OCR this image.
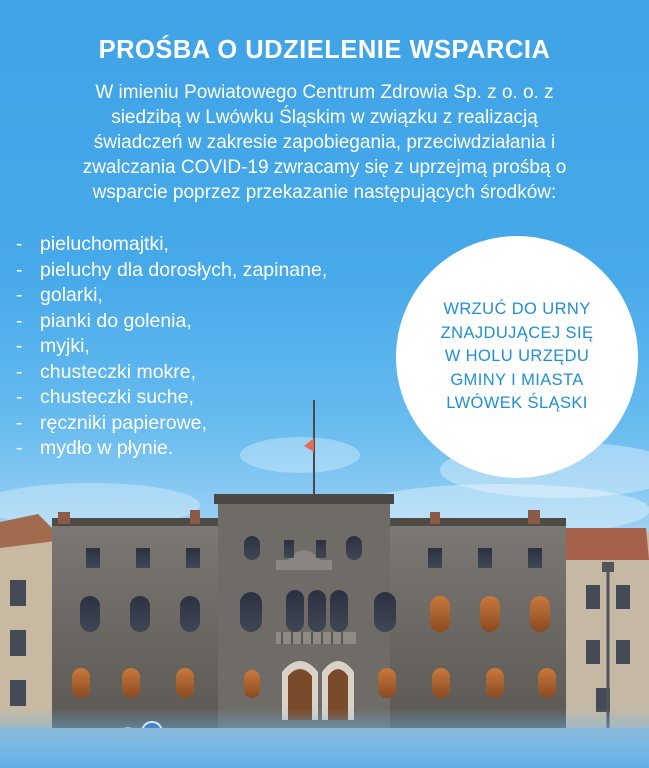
PROŚBA O UDZIELENIE WSPARCIA
W imieniu Powiatowego Centrum Zdrowia Sp. z o. o. z
siedzibą w Lwówku Śląskim w związku z realizacją
świadczeń w zakresie zapobiegania, przeciwdziałania i
zwalczania COVID-19 zwracamy się z uprzejmą prośbą o
wsparcie poprzez przekazanie następujących środków:
- pieluchomajtki,
- pieluchy dla dorosłych, zapinane,
- golarki,
- pianki do golenia,
- myjki,
- chusteczki mokre,
- chusteczki suche,
- ręczniki papierowe,
- mydło w płynie.
WRZUĆ DO URNY
ZNAJDUJĄCEJ SIĘ
W HOLU URZĘDU
GMINY I MIASTA
LWÓWEK ŚLĄSKI
